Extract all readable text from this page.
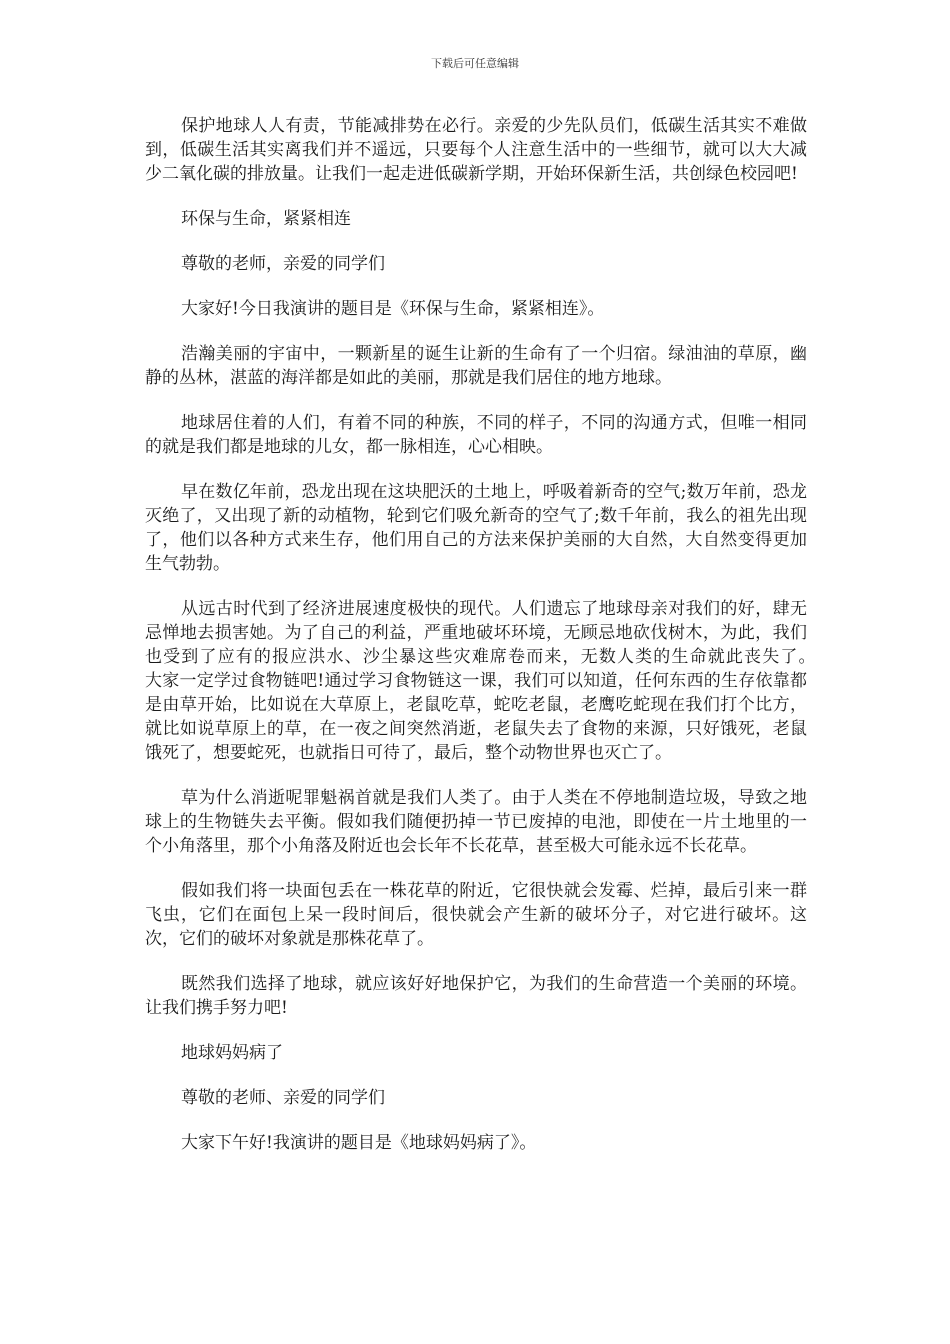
下载后可任意编辑

保护地球人人有责，节能减排势在必行。亲爱的少先队员们，低碳生活其实不难做到，低碳生活其实离我们并不遥远，只要每个人注意生活中的一些细节，就可以大大减少二氧化碳的排放量。让我们一起走进低碳新学期，开始环保新生活，共创绿色校园吧!

环保与生命，紧紧相连

尊敬的老师，亲爱的同学们

大家好!今日我演讲的题目是《环保与生命，紧紧相连》。

浩瀚美丽的宇宙中，一颗新星的诞生让新的生命有了一个归宿。绿油油的草原，幽静的丛林，湛蓝的海洋都是如此的美丽，那就是我们居住的地方地球。

地球居住着的人们，有着不同的种族，不同的样子，不同的沟通方式，但唯一相同的就是我们都是地球的儿女，都一脉相连，心心相映。

早在数亿年前，恐龙出现在这块肥沃的土地上，呼吸着新奇的空气;数万年前，恐龙灭绝了，又出现了新的动植物，轮到它们吸允新奇的空气了;数千年前，我么的祖先出现了，他们以各种方式来生存，他们用自己的方法来保护美丽的大自然，大自然变得更加生气勃勃。

从远古时代到了经济进展速度极快的现代。人们遗忘了地球母亲对我们的好，肆无忌惮地去损害她。为了自己的利益，严重地破坏环境，无顾忌地砍伐树木，为此，我们也受到了应有的报应洪水、沙尘暴这些灾难席卷而来，无数人类的生命就此丧失了。　　大家一定学过食物链吧!通过学习食物链这一课，我们可以知道，任何东西的生存依靠都是由草开始，比如说在大草原上，老鼠吃草，蛇吃老鼠，老鹰吃蛇现在我们打个比方，就比如说草原上的草，在一夜之间突然消逝，老鼠失去了食物的来源，只好饿死，老鼠饿死了，想要蛇死，也就指日可待了，最后，整个动物世界也灭亡了。

草为什么消逝呢罪魁祸首就是我们人类了。由于人类在不停地制造垃圾，导致之地球上的生物链失去平衡。假如我们随便扔掉一节已废掉的电池，即使在一片土地里的一个小角落里，那个小角落及附近也会长年不长花草，甚至极大可能永远不长花草。

假如我们将一块面包丢在一株花草的附近，它很快就会发霉、烂掉，最后引来一群飞虫，它们在面包上呆一段时间后，很快就会产生新的破坏分子，对它进行破坏。这次，它们的破坏对象就是那株花草了。

既然我们选择了地球，就应该好好地保护它，为我们的生命营造一个美丽的环境。让我们携手努力吧!

地球妈妈病了

尊敬的老师、亲爱的同学们

大家下午好!我演讲的题目是《地球妈妈病了》。
